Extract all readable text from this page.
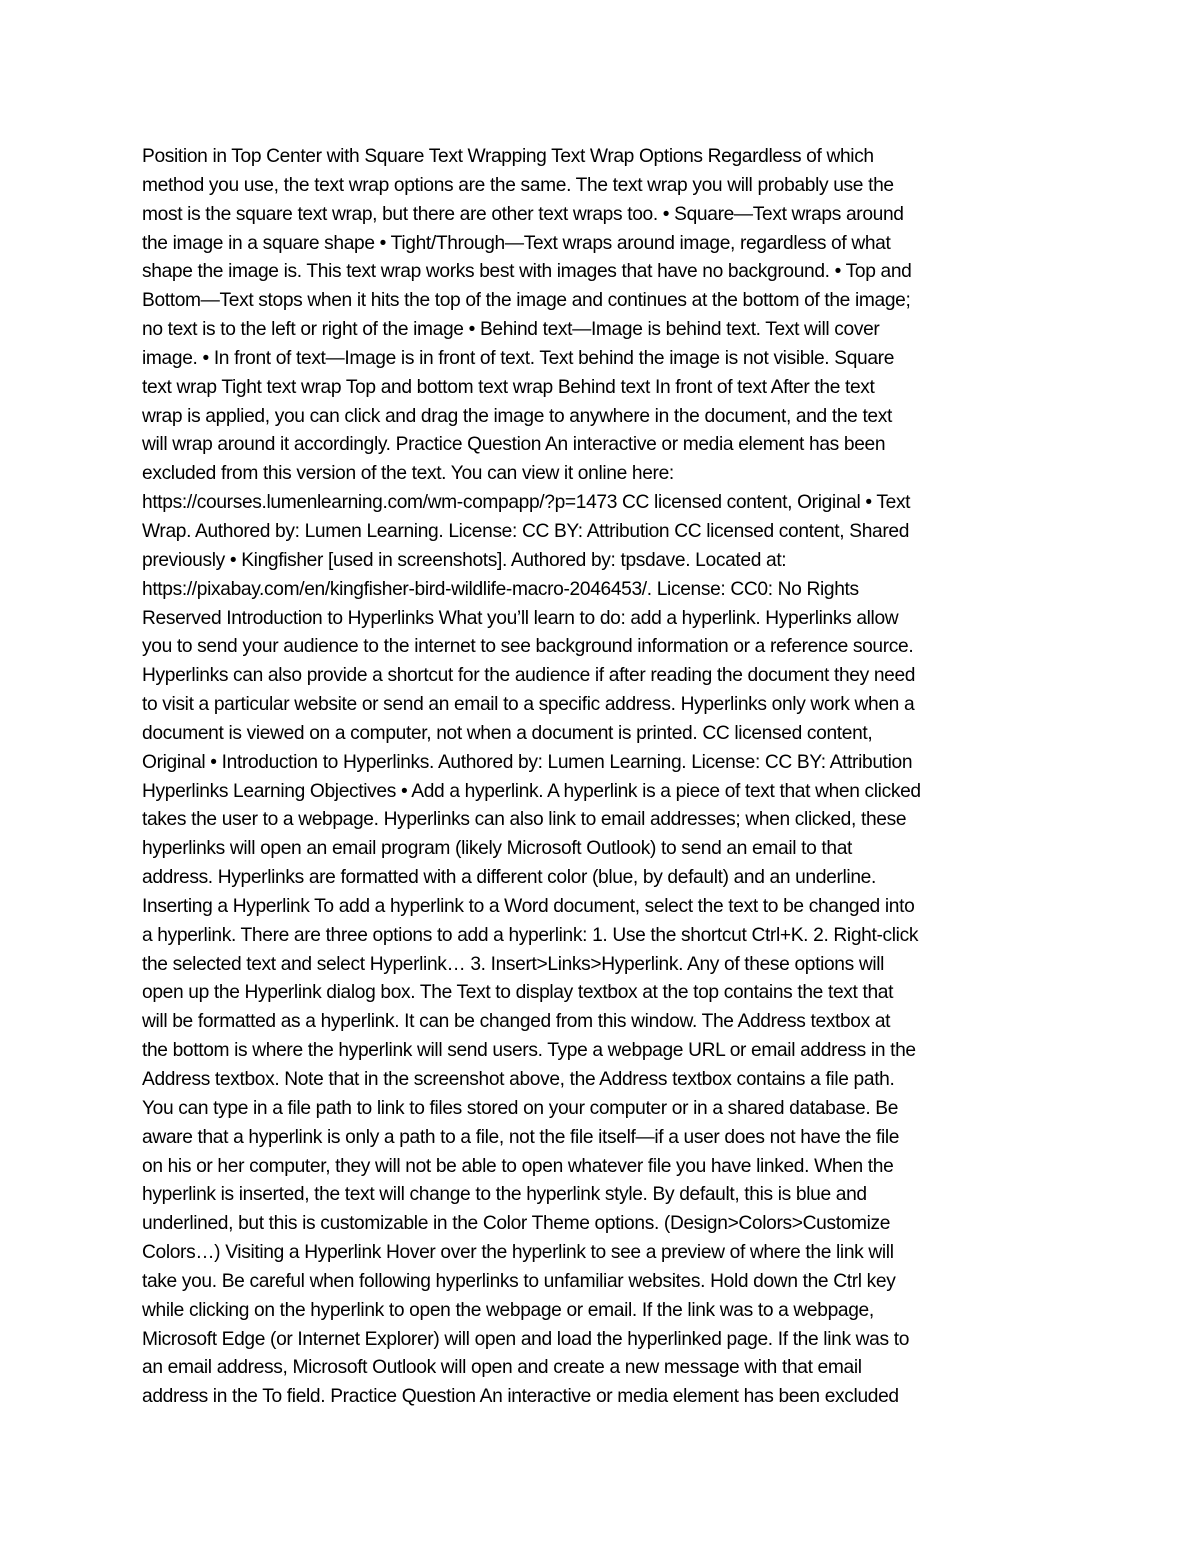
Position in Top Center with Square Text Wrapping Text Wrap Options Regardless of which
method you use, the text wrap options are the same. The text wrap you will probably use the
most is the square text wrap, but there are other text wraps too. • Square—Text wraps around
the image in a square shape • Tight/Through—Text wraps around image, regardless of what
shape the image is. This text wrap works best with images that have no background. • Top and
Bottom—Text stops when it hits the top of the image and continues at the bottom of the image;
no text is to the left or right of the image • Behind text—Image is behind text. Text will cover
image. • In front of text—Image is in front of text. Text behind the image is not visible. Square
text wrap Tight text wrap Top and bottom text wrap Behind text In front of text After the text
wrap is applied, you can click and drag the image to anywhere in the document, and the text
will wrap around it accordingly. Practice Question An interactive or media element has been
excluded from this version of the text. You can view it online here:
https://courses.lumenlearning.com/wm-compapp/?p=1473 CC licensed content, Original • Text
Wrap. Authored by: Lumen Learning. License: CC BY: Attribution CC licensed content, Shared
previously • Kingfisher [used in screenshots]. Authored by: tpsdave. Located at:
https://pixabay.com/en/kingfisher-bird-wildlife-macro-2046453/. License: CC0: No Rights
Reserved Introduction to Hyperlinks What you’ll learn to do: add a hyperlink. Hyperlinks allow
you to send your audience to the internet to see background information or a reference source.
Hyperlinks can also provide a shortcut for the audience if after reading the document they need
to visit a particular website or send an email to a specific address. Hyperlinks only work when a
document is viewed on a computer, not when a document is printed. CC licensed content,
Original • Introduction to Hyperlinks. Authored by: Lumen Learning. License: CC BY: Attribution
Hyperlinks Learning Objectives • Add a hyperlink. A hyperlink is a piece of text that when clicked
takes the user to a webpage. Hyperlinks can also link to email addresses; when clicked, these
hyperlinks will open an email program (likely Microsoft Outlook) to send an email to that
address. Hyperlinks are formatted with a different color (blue, by default) and an underline.
Inserting a Hyperlink To add a hyperlink to a Word document, select the text to be changed into
a hyperlink. There are three options to add a hyperlink: 1. Use the shortcut Ctrl+K. 2. Right-click
the selected text and select Hyperlink… 3. Insert>Links>Hyperlink. Any of these options will
open up the Hyperlink dialog box. The Text to display textbox at the top contains the text that
will be formatted as a hyperlink. It can be changed from this window. The Address textbox at
the bottom is where the hyperlink will send users. Type a webpage URL or email address in the
Address textbox. Note that in the screenshot above, the Address textbox contains a file path.
You can type in a file path to link to files stored on your computer or in a shared database. Be
aware that a hyperlink is only a path to a file, not the file itself—if a user does not have the file
on his or her computer, they will not be able to open whatever file you have linked. When the
hyperlink is inserted, the text will change to the hyperlink style. By default, this is blue and
underlined, but this is customizable in the Color Theme options. (Design>Colors>Customize
Colors…) Visiting a Hyperlink Hover over the hyperlink to see a preview of where the link will
take you. Be careful when following hyperlinks to unfamiliar websites. Hold down the Ctrl key
while clicking on the hyperlink to open the webpage or email. If the link was to a webpage,
Microsoft Edge (or Internet Explorer) will open and load the hyperlinked page. If the link was to
an email address, Microsoft Outlook will open and create a new message with that email
address in the To field. Practice Question An interactive or media element has been excluded
